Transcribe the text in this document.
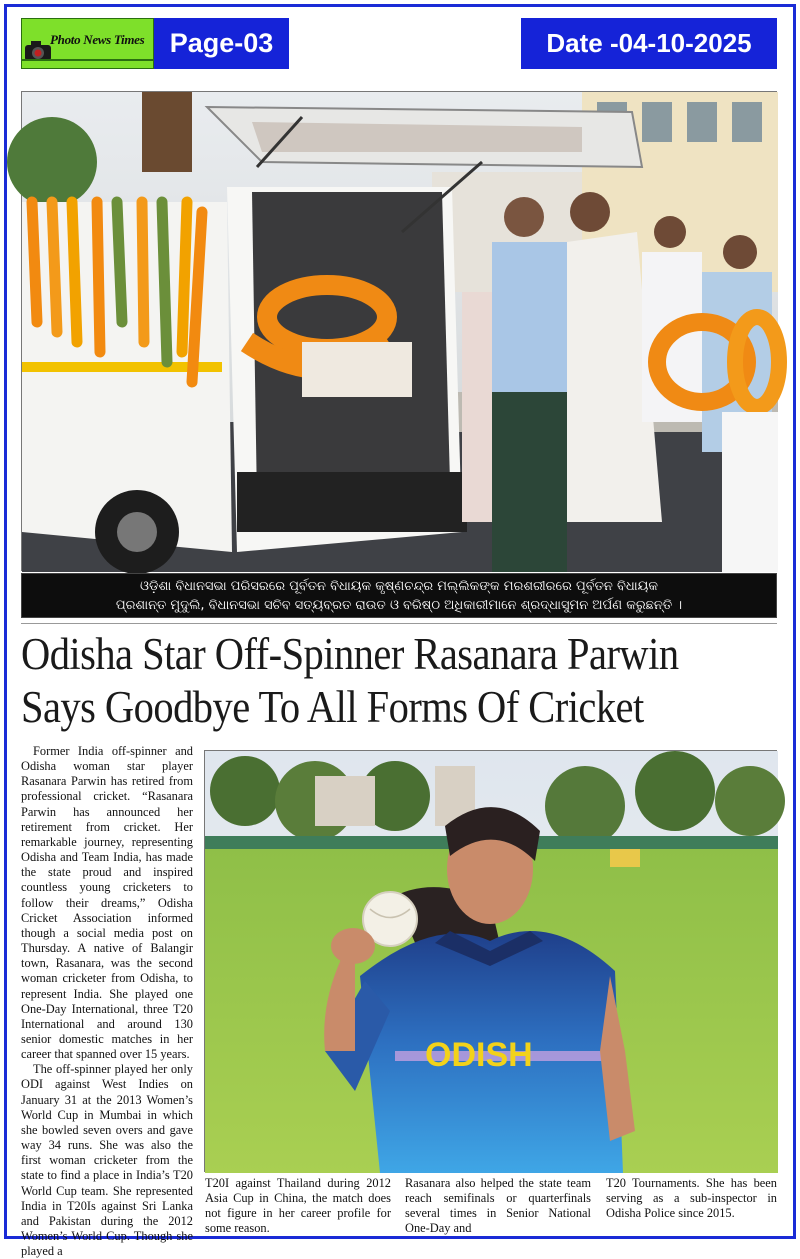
Photo News Times Page-03	Date -04-10-2025
ଓଡ଼ିଶା ବିଧାନସଭା ପରିସରରେ ପୂର୍ବତନ ବିଧାୟକ କୃଷ୍ଣଚନ୍ଦ୍ର ମଲ୍ଲିକଙ୍କ ମରଶରୀରରେ ପୂର୍ବତନ ବିଧାୟକ
ପ୍ରଶାନ୍ତ ମୁଦୁଲି, ବିଧାନସଭା ସଚିବ ସତ୍ୟବ୍ରତ ରାଉତ ଓ ବରିଷ୍ଠ ଅଧିକାରୀମାନେ ଶ୍ରଦ୍ଧାସୁମନ ଅର୍ପଣ କରୁଛନ୍ତି ।
Odisha Star Off-Spinner Rasanara Parwin
Says Goodbye To All Forms Of Cricket

Former India off-spinner and Odisha woman star player Rasanara Parwin has retired from professional cricket. “Rasanara Parwin has announced her retirement from cricket. Her remarkable journey, representing Odisha and Team India, has made the state proud and inspired countless young cricketers to follow their dreams,” Odisha Cricket Association informed though a social media post on Thursday. A native of Balangir town, Rasanara, was the second woman cricketer from Odisha, to represent India. She played one One-Day International, three T20 International and around 130 senior domestic matches in her career that spanned over 15 years.

The off-spinner played her only ODI against West Indies on January 31 at the 2013 Women’s World Cup in Mumbai in which she bowled seven overs and gave way 34 runs. She was also the first woman cricketer from the state to find a place in India’s T20 World Cup team. She represented India in T20Is against Sri Lanka and Pakistan during the 2012 Women’s World Cup. Though she played a

ODISH
T20I against Thailand during 2012 Asia Cup in China, the match does not figure in her career profile for some reason.
Rasanara also helped the state team reach semifinals or quarterfinals several times in Senior National One-Day and
T20 Tournaments. She has been serving as a sub-inspector in Odisha Police since 2015.
